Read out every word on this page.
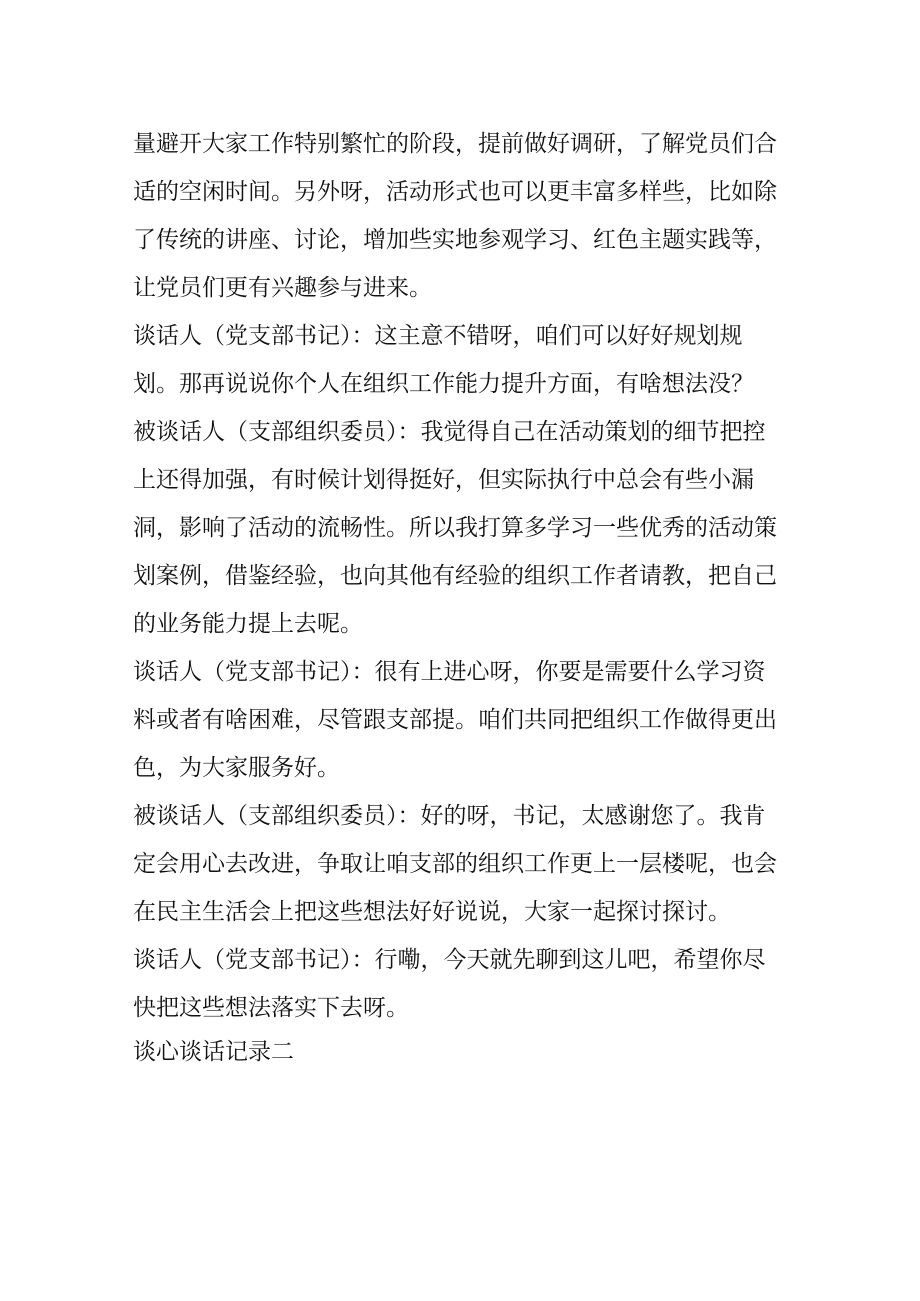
量避开大家工作特别繁忙的阶段，提前做好调研，了解党员们合
适的空闲时间。另外呀，活动形式也可以更丰富多样些，比如除
了传统的讲座、讨论，增加些实地参观学习、红色主题实践等，
让党员们更有兴趣参与进来。
谈话人（党支部书记）：这主意不错呀，咱们可以好好规划规
划。那再说说你个人在组织工作能力提升方面，有啥想法没？
被谈话人（支部组织委员）：我觉得自己在活动策划的细节把控
上还得加强，有时候计划得挺好，但实际执行中总会有些小漏
洞，影响了活动的流畅性。所以我打算多学习一些优秀的活动策
划案例，借鉴经验，也向其他有经验的组织工作者请教，把自己
的业务能力提上去呢。
谈话人（党支部书记）：很有上进心呀，你要是需要什么学习资
料或者有啥困难，尽管跟支部提。咱们共同把组织工作做得更出
色，为大家服务好。
被谈话人（支部组织委员）：好的呀，书记，太感谢您了。我肯
定会用心去改进，争取让咱支部的组织工作更上一层楼呢，也会
在民主生活会上把这些想法好好说说，大家一起探讨探讨。
谈话人（党支部书记）：行嘞，今天就先聊到这儿吧，希望你尽
快把这些想法落实下去呀。
谈心谈话记录二
